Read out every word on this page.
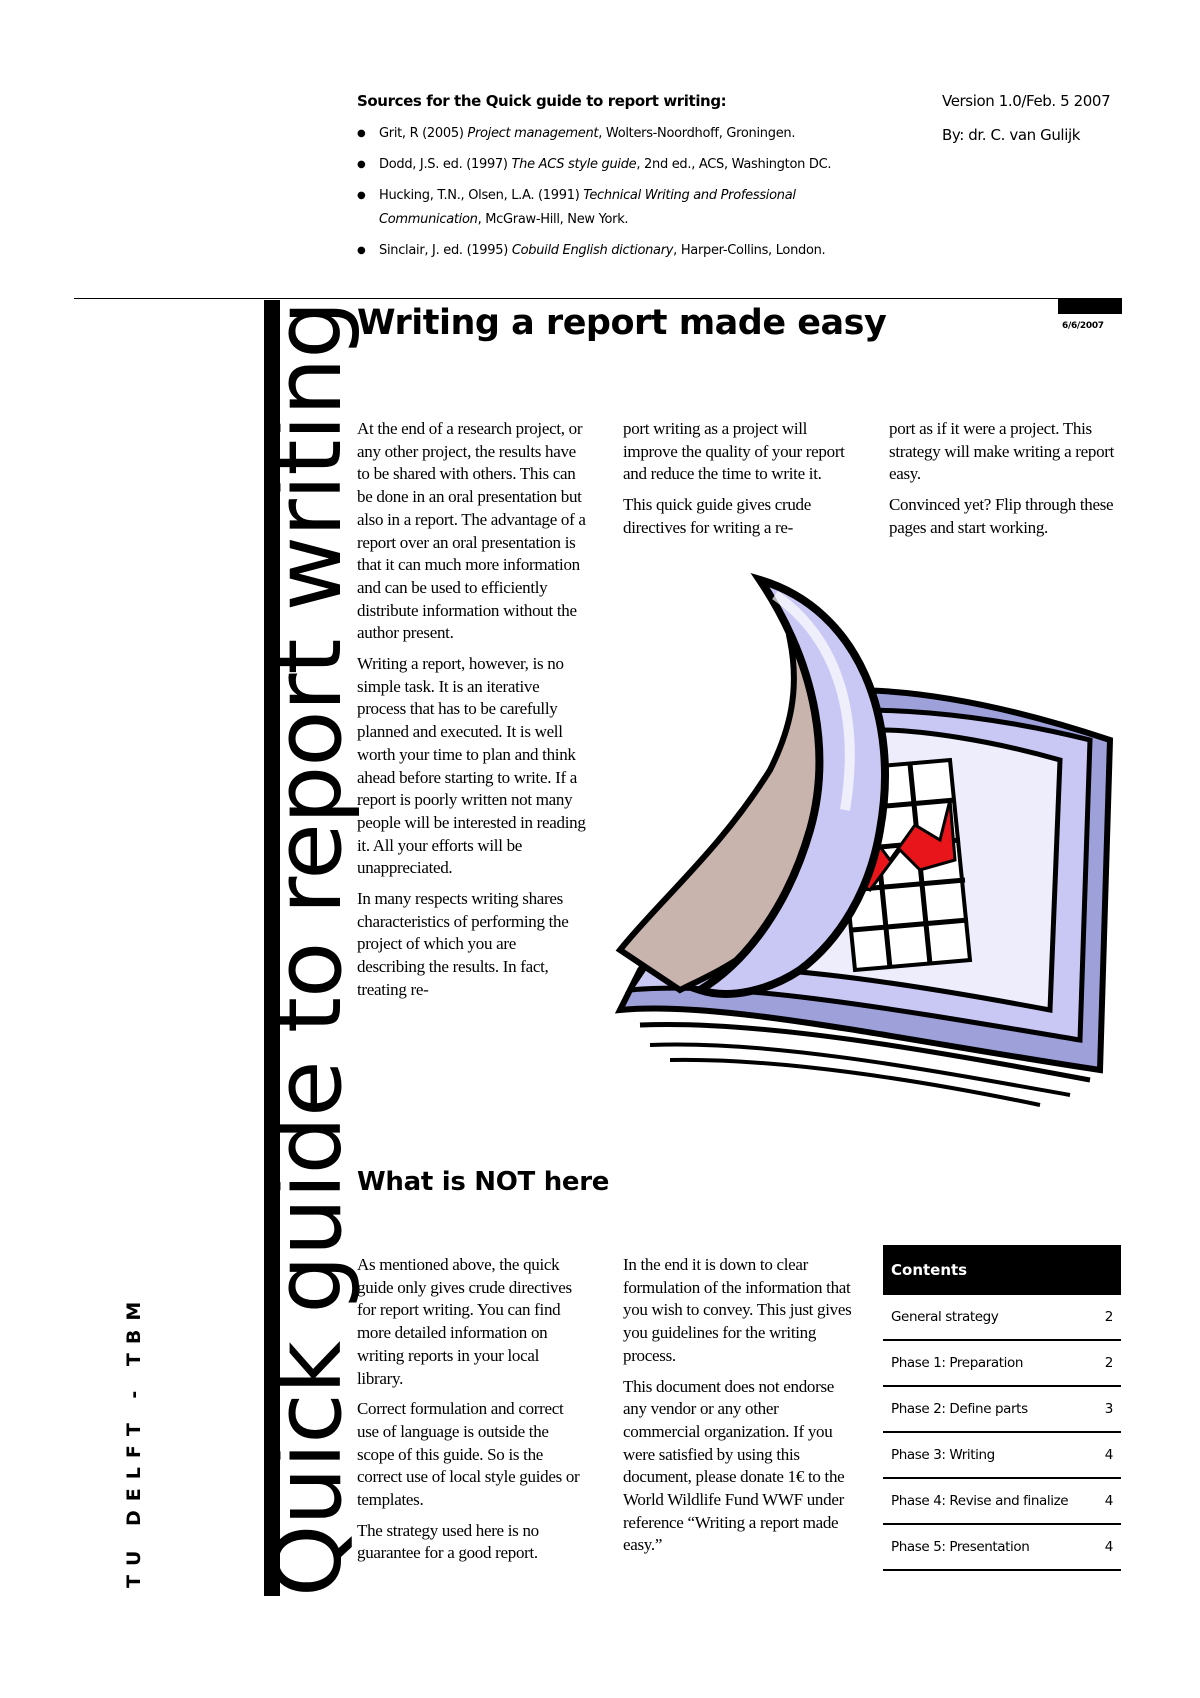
Sources for the Quick guide to report writing:
● Grit, R (2005) Project management, Wolters-Noordhoff, Groningen.
● Dodd, J.S. ed. (1997) The ACS style guide, 2nd ed., ACS, Washington DC.
● Hucking, T.N., Olsen, L.A. (1991) Technical Writing and Professional Communication, McGraw-Hill, New York.
● Sinclair, J. ed. (1995) Cobuild English dictionary, Harper-Collins, London.
Version 1.0/Feb. 5 2007
By: dr. C. van Gulijk
6/6/2007
Quick guide to report writing
TU DELFT - TBM
Writing a report made easy

At the end of a research project, or any other project, the results have to be shared with others. This can be done in an oral presentation but also in a report. The advantage of a report over an oral presentation is that it can much more information and can be used to efficiently distribute information without the author present.

Writing a report, however, is no simple task. It is an iterative process that has to be carefully planned and executed. It is well worth your time to plan and think ahead before starting to write. If a report is poorly written not many people will be interested in reading it. All your efforts will be unappreciated.

In many respects writing shares characteristics of performing the project of which you are describing the results. In fact, treating re-

port writing as a project will improve the quality of your report and reduce the time to write it.

This quick guide gives crude directives for writing a re-

port as if it were a project. This strategy will make writing a report easy.

Convinced yet? Flip through these pages and start working.

What is NOT here

As mentioned above, the quick guide only gives crude directives for report writing. You can find more detailed information on writing reports in your local library.

Correct formulation and correct use of language is outside the scope of this guide. So is the correct use of local style guides or templates.

The strategy used here is no guarantee for a good report.

In the end it is down to clear formulation of the information that you wish to convey. This just gives you guidelines for the writing process.

This document does not endorse any vendor or any other commercial organization. If you were satisfied by using this document, please donate 1€ to the World Wildlife Fund WWF under reference “Writing a report made easy.”

Contents
General strategy	2
Phase 1: Preparation	2
Phase 2: Define parts	3
Phase 3: Writing	4
Phase 4: Revise and finalize	4
Phase 5: Presentation	4
